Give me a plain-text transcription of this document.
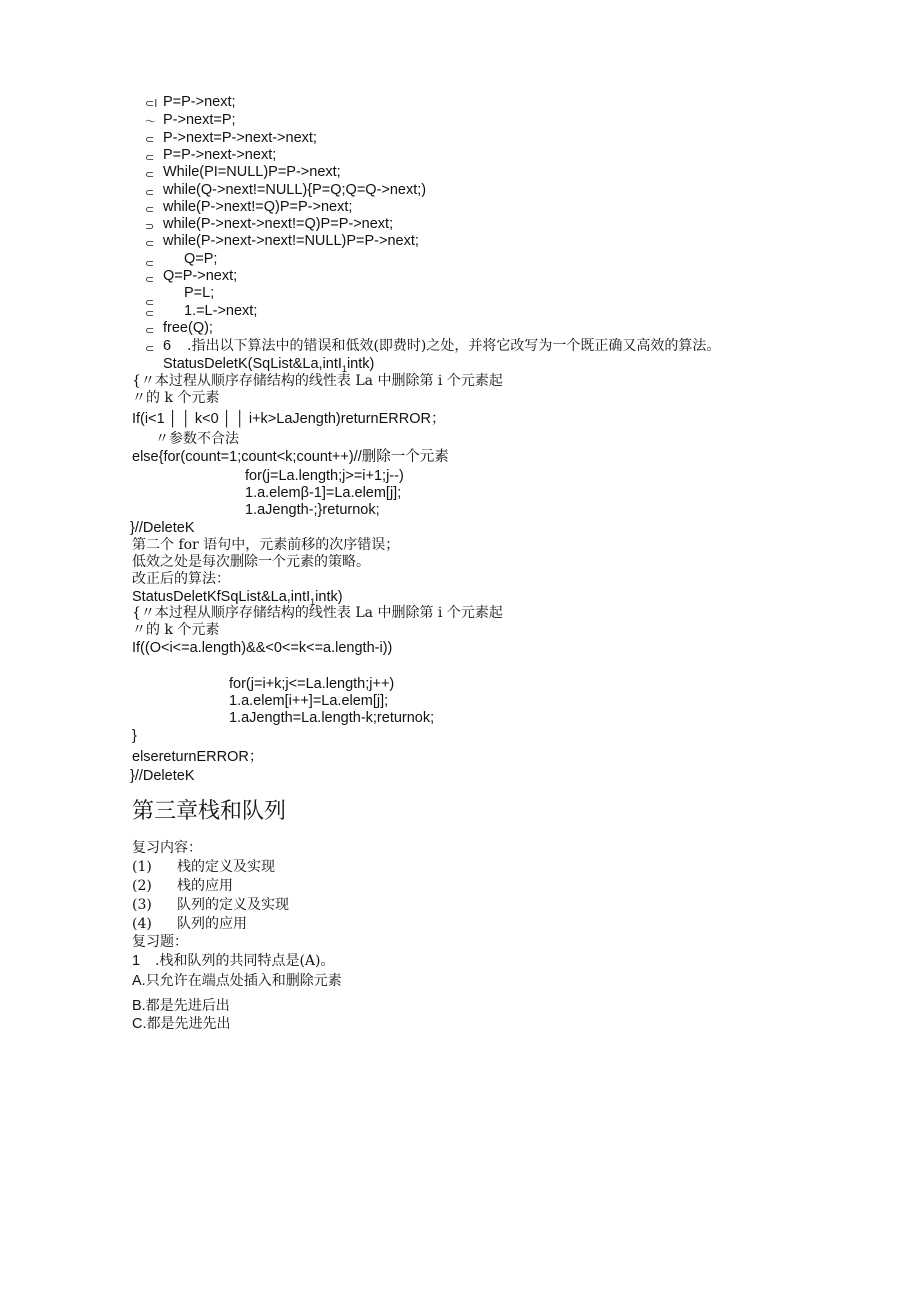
⊂l
〜
⊂
⊂
⊂
⊂
⊂
⊃
⊂
⊂
⊂
⊂
⊂
⊂
⊂
P=P->next;
P->next=P;
P->next=P->next->next;
P=P->next->next;
While(PI=NULL)P=P->next;
while(Q->next!=NULL){P=Q;Q=Q->next;)
while(P->next!=Q)P=P->next;
while(P->next->next!=Q)P=P->next;
while(P->next->next!=NULL)P=P->next;
Q=P;
Q=P->next;
P=L;
1.=L->next;
free(Q);
6 .指出以下算法中的错误和低效(即费时)之处，并将它改写为一个既正确又高效的算法。
StatusDeletK(SqList&La,intI$_1$intk)
{〃本过程从顺序存储结构的线性表 La 中删除第 i 个元素起
〃的 k 个元素
If(i<1 │ │ k<0 │ │ i+k>LaJength)returnERROR；
〃参数不合法
else{for(count=1;count<k;count++)//删除一个元素
for(j=La.length;j>=i+1;j--)
1.a.elemβ-1]=La.elem[j];
1.aJength-;}returnok;
}//DeleteK
第二个 for 语句中，元素前移的次序错误；
低效之处是每次删除一个元素的策略。
改正后的算法：
StatusDeletKfSqList&La,intI$_1$intk)
{〃本过程从顺序存储结构的线性表 La 中删除第 i 个元素起
〃的 k 个元素
If((O<i<=a.length)&&<0<=k<=a.length-i))
for(j=i+k;j<=La.length;j++)
1.a.elem[i++]=La.elem[j];
1.aJength=La.length-k;returnok;
}
elsereturnERROR；
}//DeleteK
第三章栈和队列
复习内容：
(1) 栈的定义及实现
(2) 栈的应用
(3) 队列的定义及实现
(4) 队列的应用
复习题：
1 .栈和队列的共同特点是(A)。
A.只允许在端点处插入和删除元素
B.都是先进后出
C.都是先进先出
